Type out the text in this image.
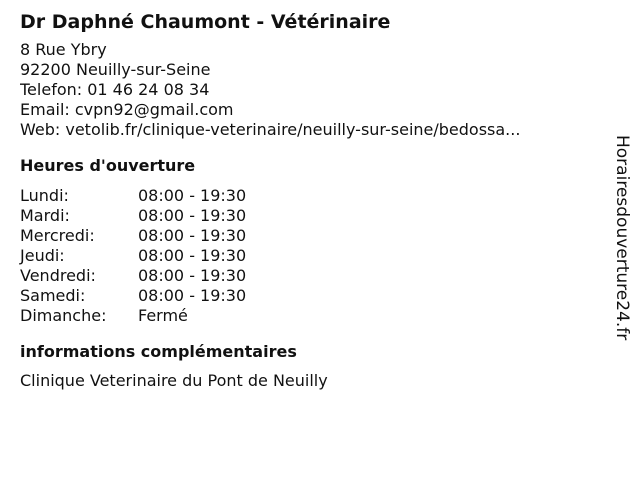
Dr Daphné Chaumont - Vétérinaire
8 Rue Ybry
92200 Neuilly-sur-Seine
Telefon: 01 46 24 08 34
Email: cvpn92@gmail.com
Web: vetolib.fr/clinique-veterinaire/neuilly-sur-seine/bedossa...
Heures d'ouverture
Lundi:	08:00 - 19:30
Mardi:	08:00 - 19:30
Mercredi:	08:00 - 19:30
Jeudi:	08:00 - 19:30
Vendredi:	08:00 - 19:30
Samedi:	08:00 - 19:30
Dimanche:	Fermé
informations complémentaires
Clinique Veterinaire du Pont de Neuilly
Horairesdouverture24.fr
